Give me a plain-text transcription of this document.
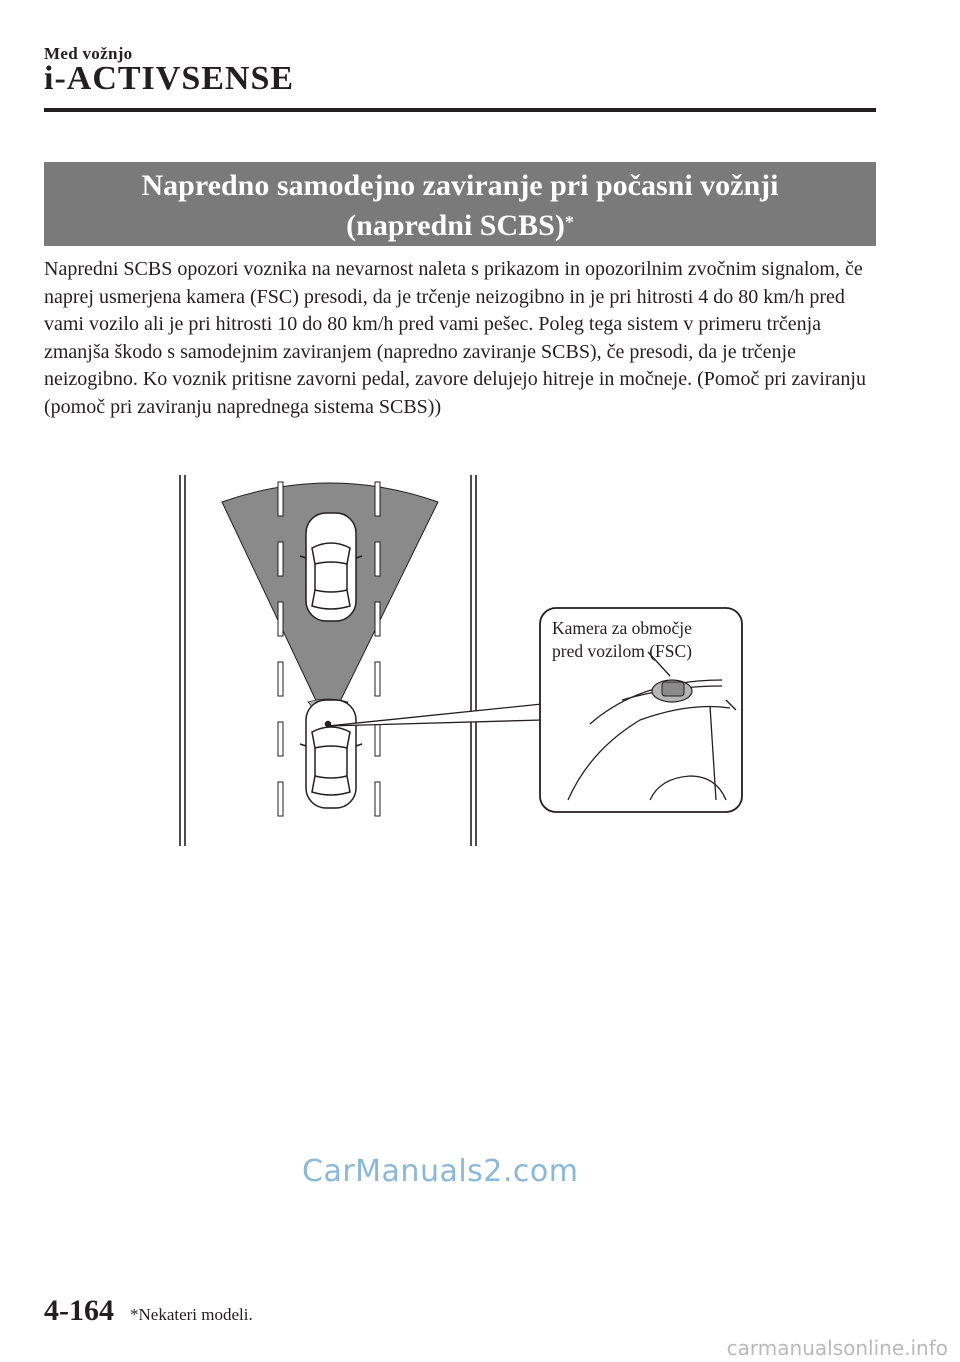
Med vožnjo
i-ACTIVSENSE
Napredno samodejno zaviranje pri počasni vožnji
(napredni SCBS)*

Napredni SCBS opozori voznika na nevarnost naleta s prikazom in opozorilnim zvočnim signalom, če naprej usmerjena kamera (FSC) presodi, da je trčenje neizogibno in je pri hitrosti 4 do 80 km/h pred vami vozilo ali je pri hitrosti 10 do 80 km/h pred vami pešec. Poleg tega sistem v primeru trčenja zmanjša škodo s samodejnim zaviranjem (napredno zaviranje SCBS), če presodi, da je trčenje neizogibno. Ko voznik pritisne zavorni pedal, zavore delujejo hitreje in močneje. (Pomoč pri zaviranju (pomoč pri zaviranju naprednega sistema SCBS))

Kamera za območje
pred vozilom (FSC)
CarManuals2.com
4-164 *Nekateri modeli.
carmanualsonline.info
